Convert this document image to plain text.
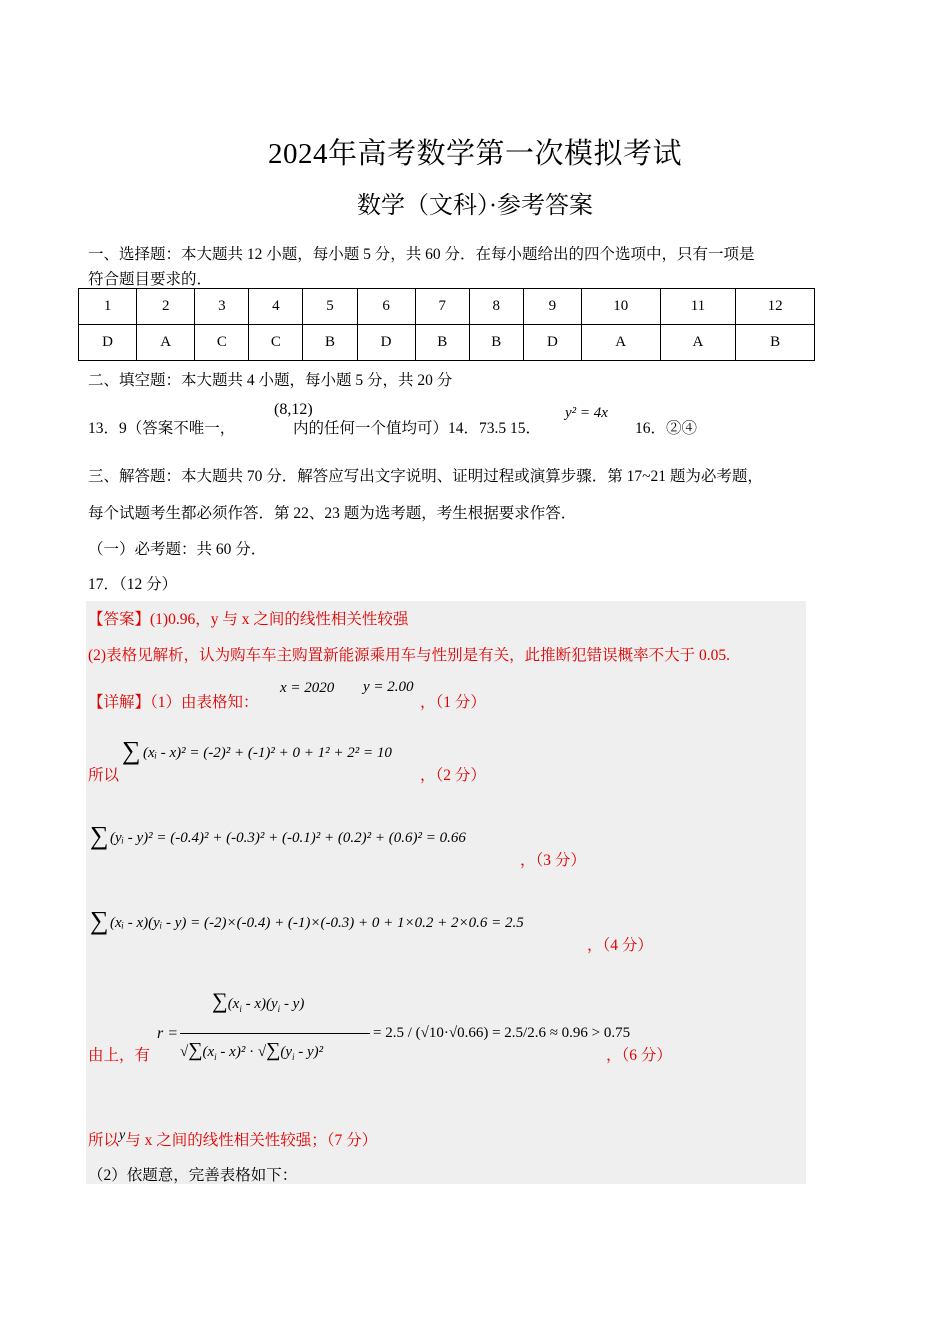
2024年高考数学第一次模拟考试
数学（文科）·参考答案
一、选择题：本大题共 12 小题，每小题 5 分，共 60 分．在每小题给出的四个选项中，只有一项是
符合题目要求的．
1	2	3	4	5	6	7	8	9	10	11	12
D	A	C	C	B	D	B	B	D	A	A	B
二、填空题：本大题共 4 小题，每小题 5 分，共 20 分
13．9（答案不唯一，
(8,12)
内的任何一个值均可）14．73.5 15．
y² = 4x
16．②④
三、解答题：本大题共 70 分．解答应写出文字说明、证明过程或演算步骤．第 17~21 题为必考题，
每个试题考生都必须作答．第 22、23 题为选考题，考生根据要求作答．
（一）必考题：共 60 分．
17．（12 分）
【答案】(1)0.96，y 与 x 之间的线性相关性较强
(2)表格见解析，认为购车车主购置新能源乘用车与性别是有关，此推断犯错误概率不大于 0.05.
【详解】（1）由表格知：
x = 2020 y = 2.00
，（1 分）
所以
∑ (xᵢ - x)² = (-2)² + (-1)² + 0 + 1² + 2² = 10
，（2 分）
∑ (yᵢ - y)² = (-0.4)² + (-0.3)² + (-0.1)² + (0.2)² + (0.6)² = 0.66
，（3 分）
∑ (xᵢ - x)(yᵢ - y) = (-2)×(-0.4) + (-1)×(-0.3) + 0 + 1×0.2 + 2×0.6 = 2.5
，（4 分）
由上，有
r =
$\sum(x_i - x)(y_i - y)$
$√\sum(x_i - x)^2 \cdot √\sum(y_i - y)^2$
= 2.5 / (√10·√0.66) = 2.5/2.6 ≈ 0.96 > 0.75
，（6 分）
所以y与 x 之间的线性相关性较强；（7 分）
（2）依题意，完善表格如下：
